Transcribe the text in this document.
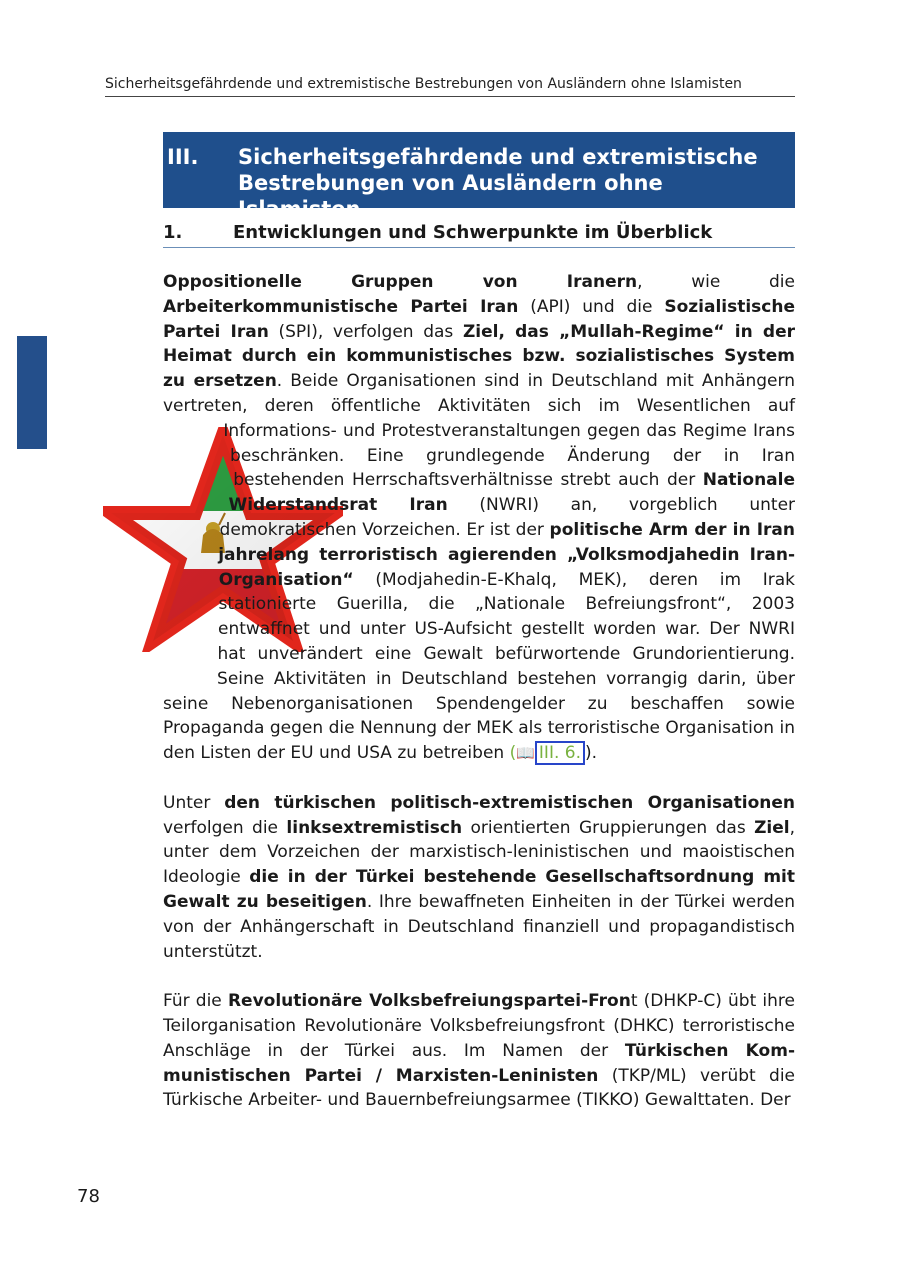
Sicherheitsgefährdende und extremistische Bestrebungen von Ausländern ohne Islamisten
III. Sicherheitsgefährdende und extremistische
Bestrebungen von Ausländern ohne Islamisten
1.	Entwicklungen und Schwerpunkte im Überblick

Oppositionelle Gruppen von Iranern, wie die Arbeiterkommunistische Partei Iran (API) und die Sozialistische Partei Iran (SPI), verfolgen das Ziel, das „Mullah-Regime“ in der Heimat durch ein kommunistisches bzw. sozialistisches System zu ersetzen. Beide Organisationen sind in Deutschland mit Anhängern vertreten, deren öffentliche Aktivitäten sich im Wesentlichen auf Informations- und Protestveranstaltungen gegen das Regime Irans beschränken. Eine grundlegende Änderung der in Iran bestehenden Herrschaftsverhältnisse strebt auch der Nationale Widerstandsrat Iran (NWRI) an, vorgeblich unter demokratischen Vorzeichen. Er ist der politische Arm der in Iran jahrelang terroristisch agierenden „Volksmodjahedin Iran-Organisation“ (Modjahedin-E-Khalq, MEK), deren im Irak stationierte Guerilla, die „Nationale Befreiungsfront“, 2003 entwaffnet und unter US-Aufsicht gestellt worden war. Der NWRI hat unverändert eine Gewalt befürwortende Grundorientierung. Seine Aktivitäten in Deutschland bestehen vorrangig darin, über seine Nebenorganisationen Spendengelder zu beschaffen sowie Propaganda gegen die Nennung der MEK als terroristische Organisation in den Listen der EU und USA zu betreiben (📖 III. 6. ).

Unter den türkischen politisch-extremistischen Organisationen verfolgen die linksextremistisch orientierten Gruppierungen das Ziel, unter dem Vorzeichen der marxistisch-leninistischen und maoistischen Ideologie die in der Türkei bestehende Gesellschaftsordnung mit Gewalt zu beseitigen. Ihre bewaffneten Einheiten in der Türkei werden von der Anhängerschaft in Deutschland finanziell und propagandistisch unterstützt.

Für die Revolutionäre Volksbefreiungspartei-Front (DHKP-C) übt ihre Teilorganisation Revolutionäre Volksbefreiungsfront (DHKC) terroristische Anschläge in der Türkei aus. Im Namen der Türkischen Kommunistischen Partei / Marxisten-Leninisten (TKP/ML) verübt die Türkische Arbeiter- und Bauernbefreiungsarmee (TIKKO) Gewalttaten. Der

78
